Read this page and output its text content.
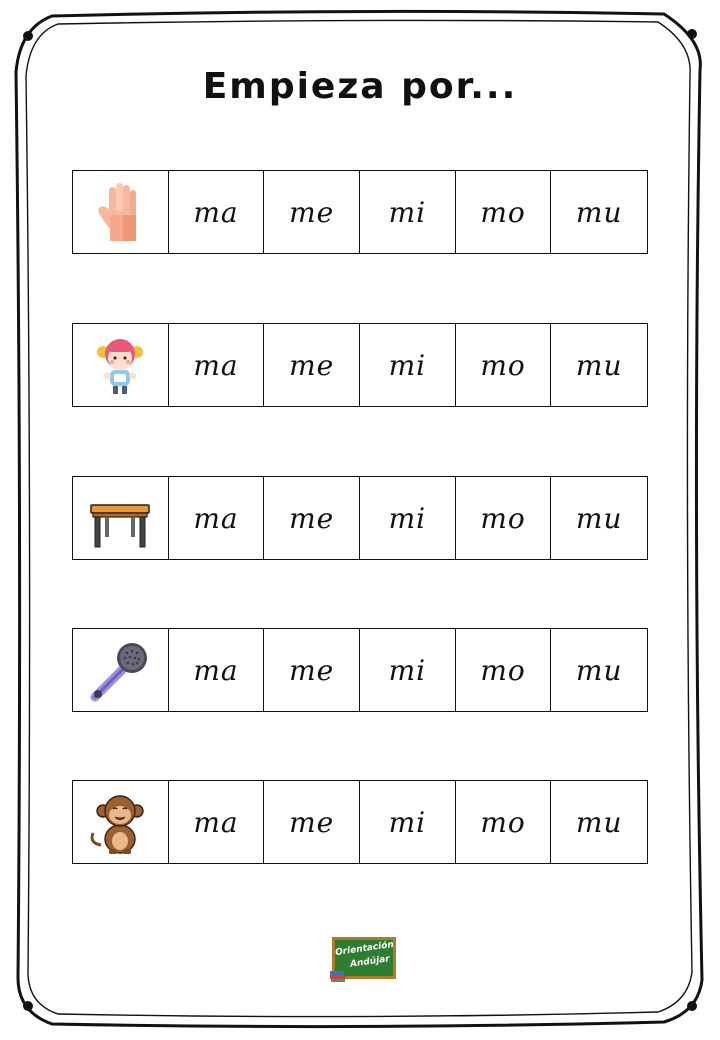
Empieza por...
ma me mi mo mu
ma me mi mo mu
ma me mi mo mu
ma me mi mo mu
ma me mi mo mu
Orientación
Andújar
